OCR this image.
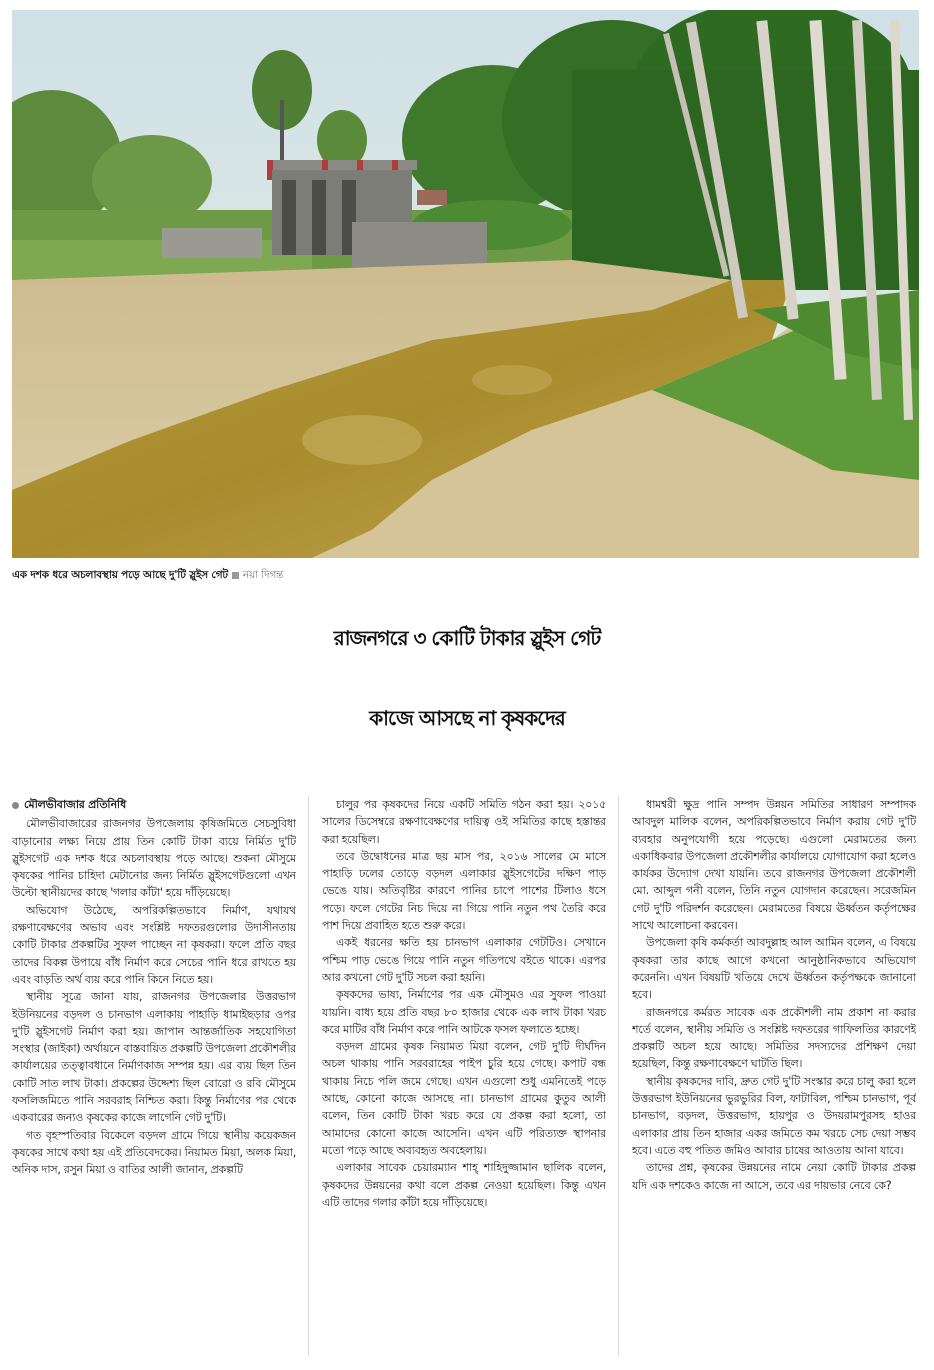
এক দশক ধরে অচলাবস্থায় পড়ে আছে দু'টি স্লুইস গেট নয়া দিগন্ত
রাজনগরে ৩ কোটি টাকার স্লুইস গেট
কাজে আসছে না কৃষকদের

মৌলভীবাজার প্রতিনিধি

মৌলভীবাজারের রাজনগর উপজেলায় কৃষিজমিতে সেচসুবিধা বাড়ানোর লক্ষ্য নিয়ে প্রায় তিন কোটি টাকা ব্যয়ে নির্মিত দু'টি স্লুইসগেট এক দশক ধরে অচলাবস্থায় পড়ে আছে। শুকনা মৌসুমে কৃষকের পানির চাহিদা মেটানোর জন্য নির্মিত স্লুইসগেটগুলো এখন উল্টো স্থানীয়দের কাছে 'গলার কাঁটা' হয়ে দাঁড়িয়েছে।

অভিযোগ উঠেছে, অপরিকল্পিতভাবে নির্মাণ, যথাযথ রক্ষণাবেক্ষণের অভাব এবং সংশ্লিষ্ট দফতরগুলোর উদাসীনতায় কোটি টাকার প্রকল্পটির সুফল পাচ্ছেন না কৃষকরা। ফলে প্রতি বছর তাদের বিকল্প উপায়ে বাঁধ নির্মাণ করে সেচের পানি ধরে রাখতে হয় এবং বাড়তি অর্থ ব্যয় করে পানি কিনে নিতে হয়।

স্থানীয় সূত্রে জানা যায়, রাজনগর উপজেলার উত্তরভাগ ইউনিয়নের বড়দল ও চানভাগ এলাকায় পাহাড়ি ধামাইছড়ার ওপর দু'টি স্লুইসগেট নির্মাণ করা হয়। জাপান আন্তর্জাতিক সহযোগিতা সংস্থার (জাইকা) অর্থায়নে বাস্তবায়িত প্রকল্পটি উপজেলা প্রকৌশলীর কার্যালয়ের তত্ত্বাবধানে নির্মাণকাজ সম্পন্ন হয়। এর ব্যয় ছিল তিন কোটি সাত লাখ টাকা। প্রকল্পের উদ্দেশ্য ছিল বোরো ও রবি মৌসুমে ফসলিজমিতে পানি সরবরাহ নিশ্চিত করা। কিন্তু নির্মাণের পর থেকে একবারের জন্যও কৃষকের কাজে লাগেনি গেট দু'টি।

গত বৃহস্পতিবার বিকেলে বড়দল গ্রামে গিয়ে স্থানীয় কয়েকজন কৃষকের সাথে কথা হয় এই প্রতিবেদকের। নিয়ামত মিয়া, অলক মিয়া, অনিক দাস, রসুন মিয়া ও বাতির আলী জানান, প্রকল্পটি

চালুর পর কৃষকদের নিয়ে একটি সমিতি গঠন করা হয়। ২০১৫ সালের ডিসেম্বরে রক্ষণাবেক্ষণের দায়িত্ব ওই সমিতির কাছে হস্তান্তর করা হয়েছিল।

তবে উদ্বোধনের মাত্র ছয় মাস পর, ২০১৬ সালের মে মাসে পাহাড়ি ঢলের তোড়ে বড়দল এলাকার স্লুইসগেটের দক্ষিণ পাড় ভেঙে যায়। অতিবৃষ্টির কারণে পানির চাপে পাশের টিলাও ধসে পড়ে। ফলে গেটের নিচ দিয়ে না গিয়ে পানি নতুন পথ তৈরি করে পাশ দিয়ে প্রবাহিত হতে শুরু করে।

একই ধরনের ক্ষতি হয় চানভাগ এলাকার গেটটিও। সেখানে পশ্চিম পাড় ভেঙে গিয়ে পানি নতুন গতিপথে বইতে থাকে। এরপর আর কখনো গেট দু'টি সচল করা হয়নি।

কৃষকদের ভাষ্য, নির্মাণের পর এক মৌসুমও এর সুফল পাওয়া যায়নি। বাধ্য হয়ে প্রতি বছর ৮০ হাজার থেকে এক লাখ টাকা খরচ করে মাটির বাঁধ নির্মাণ করে পানি আটকে ফসল ফলাতে হচ্ছে।

বড়দল গ্রামের কৃষক নিয়ামত মিয়া বলেন, গেট দু'টি দীর্ঘদিন অচল থাকায় পানি সরবরাহের পাইপ চুরি হয়ে গেছে। কপাট বন্ধ থাকায় নিচে পলি জমে গেছে। এখন এগুলো শুধু এমনিতেই পড়ে আছে, কোনো কাজে আসছে না। চানভাগ গ্রামের কুতুব আলী বলেন, তিন কোটি টাকা খরচ করে যে প্রকল্প করা হলো, তা আমাদের কোনো কাজে আসেনি। এখন এটি পরিত্যক্ত স্থাপনার মতো পড়ে আছে অব্যবহৃত অবহেলায়।

এলাকার সাবেক চেয়ারম্যান শাহ্ শাহিদুজ্জামান ছালিক বলেন, কৃষকদের উন্নয়নের কথা বলে প্রকল্প নেওয়া হয়েছিল। কিন্তু এখন এটি তাদের গলার কাঁটা হয়ে দাঁড়িয়েছে।

ধামশ্বরী ক্ষুদ্র পানি সম্পদ উন্নয়ন সমিতির সাধারণ সম্পাদক আবদুল মালিক বলেন, অপরিকল্পিতভাবে নির্মাণ করায় গেট দু'টি ব্যবহার অনুপযোগী হয়ে পড়েছে। এগুলো মেরামতের জন্য একাধিকবার উপজেলা প্রকৌশলীর কার্যালয়ে যোগাযোগ করা হলেও কার্যকর উদ্যোগ দেখা যায়নি। তবে রাজনগর উপজেলা প্রকৌশলী মো. আব্দুল গনী বলেন, তিনি নতুন যোগদান করেছেন। সরেজমিন গেট দু'টি পরিদর্শন করেছেন। মেরামতের বিষয়ে ঊর্ধ্বতন কর্তৃপক্ষের সাথে আলোচনা করবেন।

উপজেলা কৃষি কর্মকর্তা আবদুল্লাহ আল আমিন বলেন, এ বিষয়ে কৃষকরা তার কাছে আগে কখনো আনুষ্ঠানিকভাবে অভিযোগ করেননি। এখন বিষয়টি খতিয়ে দেখে ঊর্ধ্বতন কর্তৃপক্ষকে জানানো হবে।

রাজনগরে কর্মরত সাবেক এক প্রকৌশলী নাম প্রকাশ না করার শর্তে বলেন, স্থানীয় সমিতি ও সংশ্লিষ্ট দফতরের গাফিলতির কারণেই প্রকল্পটি অচল হয়ে আছে। সমিতির সদস্যদের প্রশিক্ষণ দেয়া হয়েছিল, কিন্তু রক্ষণাবেক্ষণে ঘাটতি ছিল।

স্থানীয় কৃষকদের দাবি, দ্রুত গেট দু'টি সংস্কার করে চালু করা হলে উত্তরভাগ ইউনিয়নের ভুরভুরির বিল, ফাটাবিল, পশ্চিম চানভাগ, পূর্ব চানভাগ, বড়দল, উত্তরভাগ, হায়পুর ও উদয়রামপুরসহ হাওর এলাকার প্রায় তিন হাজার একর জমিতে কম খরচে সেচ দেয়া সম্ভব হবে। এতে বহু পতিত জমিও আবার চাষের আওতায় আনা যাবে।

তাদের প্রশ্ন, কৃষকের উন্নয়নের নামে নেয়া কোটি টাকার প্রকল্প যদি এক দশকেও কাজে না আসে, তবে এর দায়ভার নেবে কে?
